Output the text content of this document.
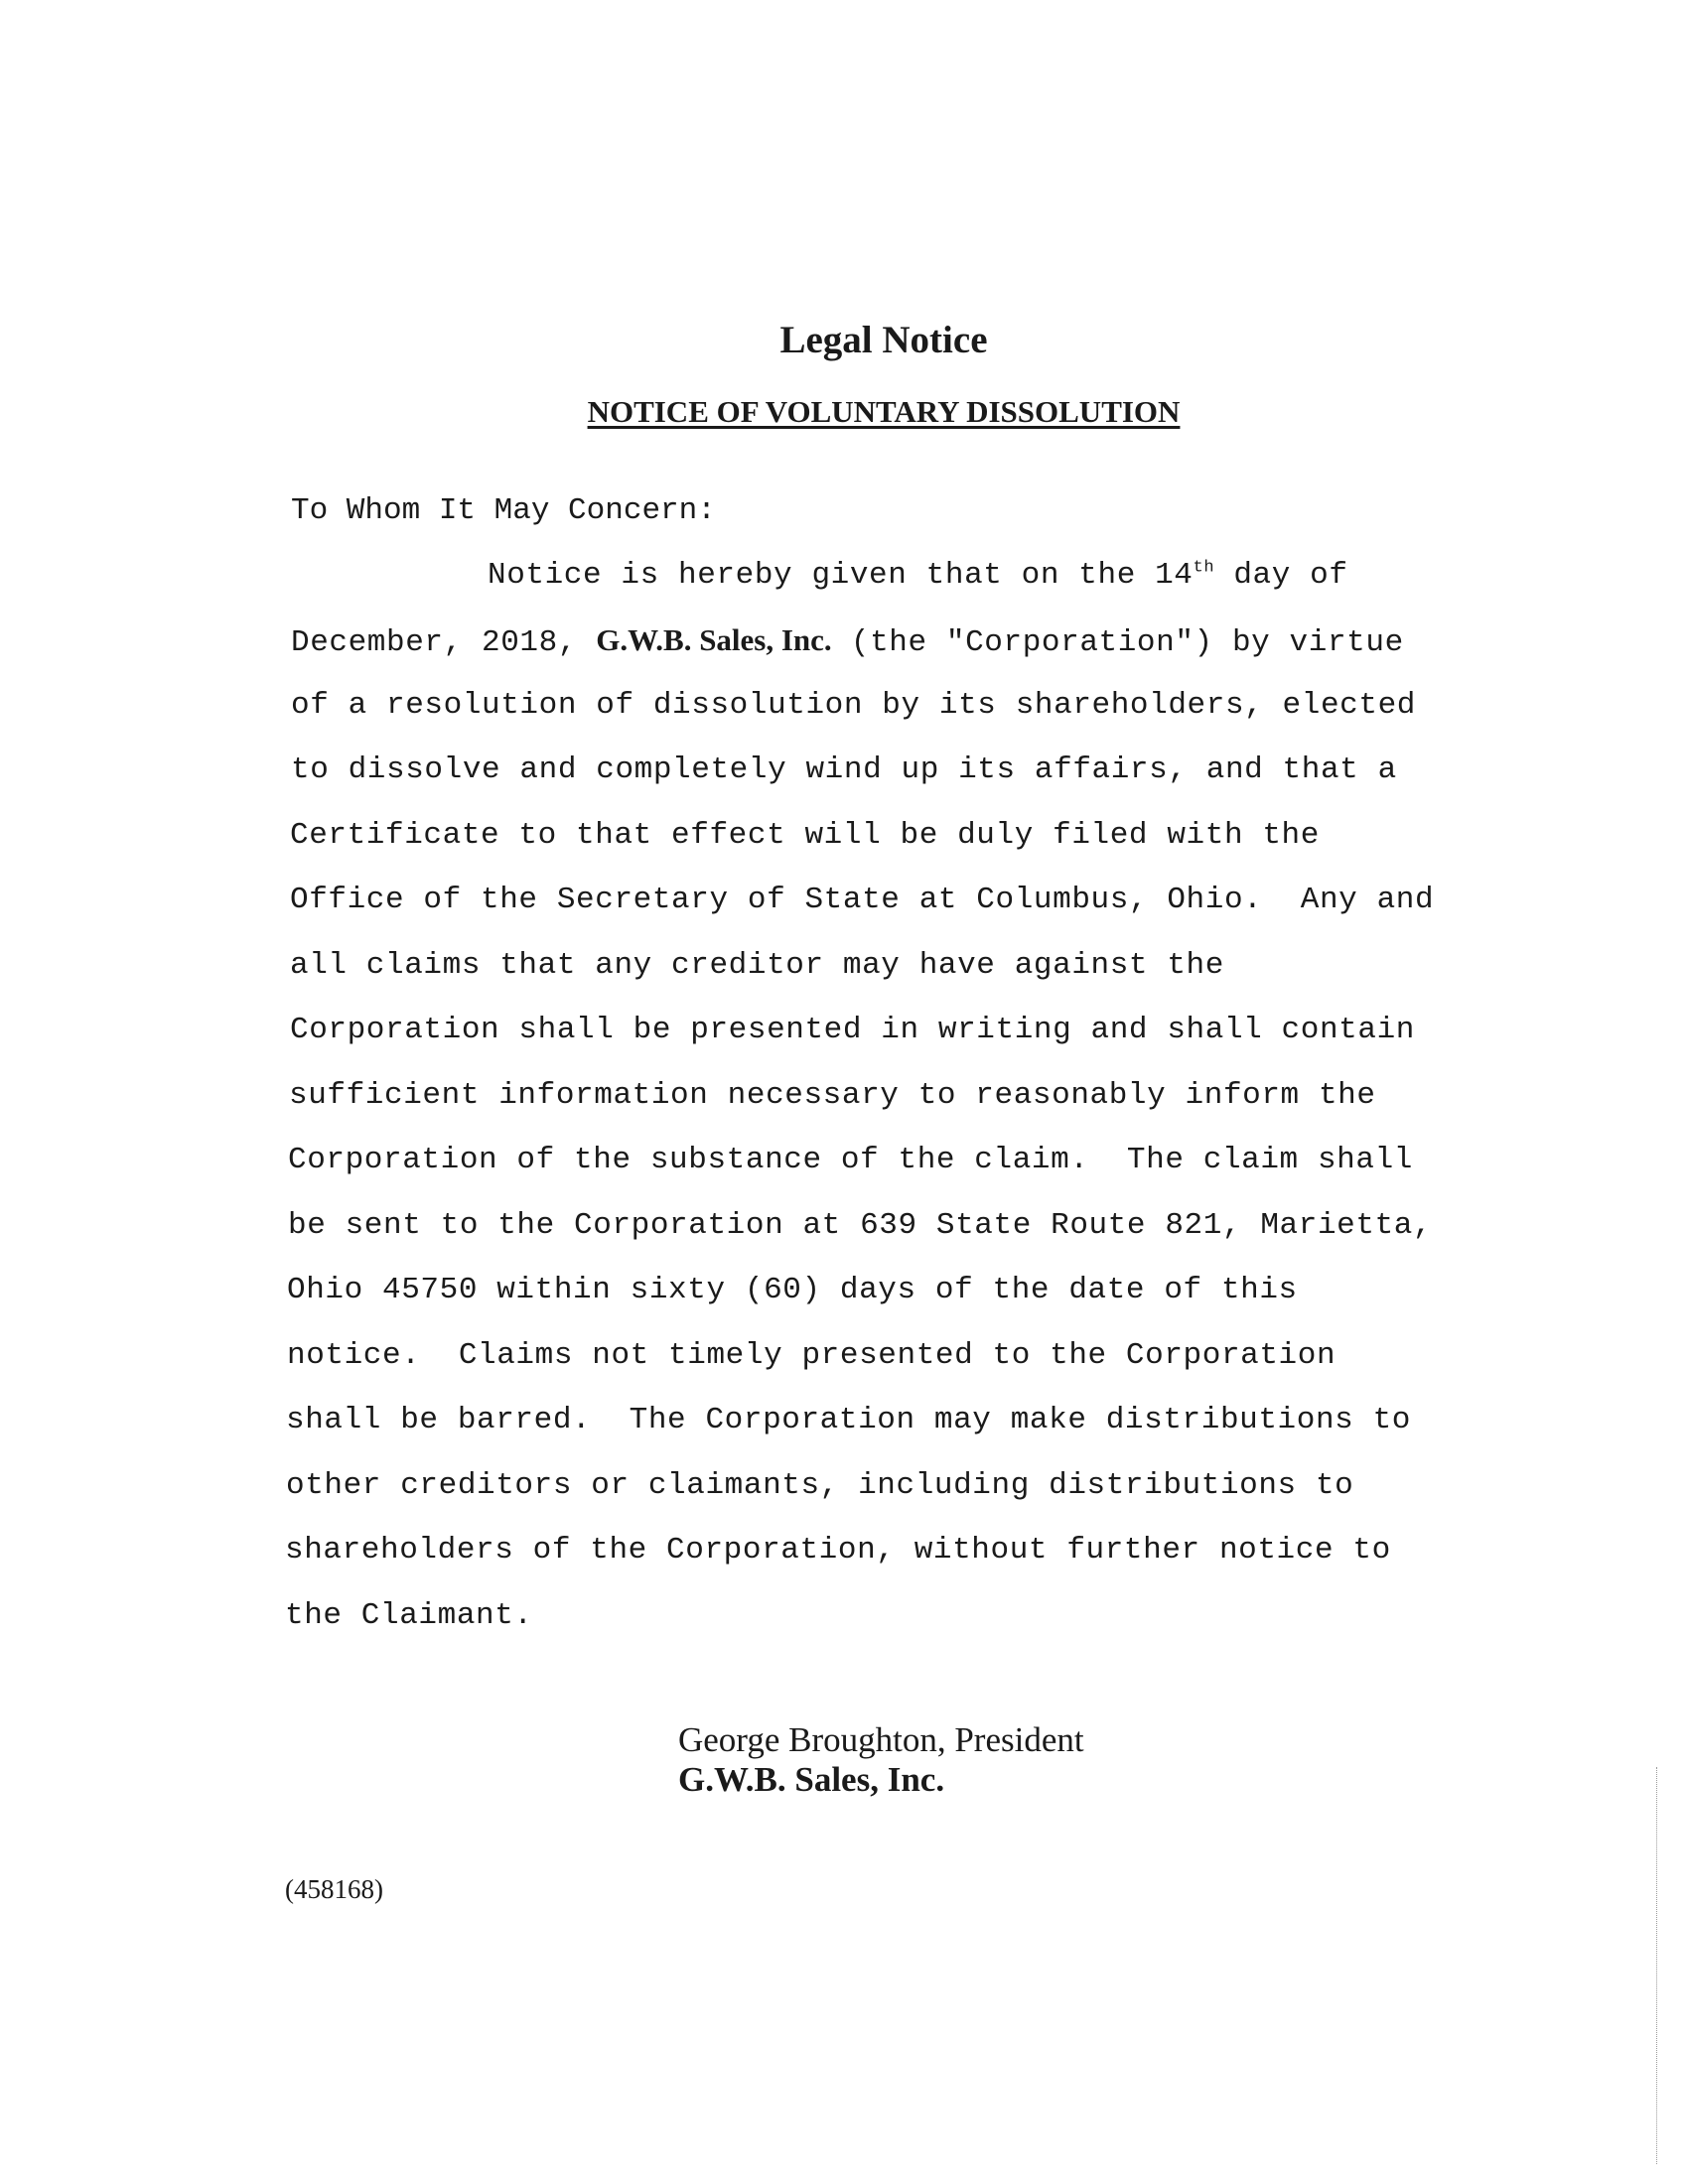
Legal Notice
NOTICE OF VOLUNTARY DISSOLUTION

To Whom It May Concern:

Notice is hereby given that on the 14th day of
December, 2018, G.W.B. Sales, Inc. (the "Corporation") by virtue
of a resolution of dissolution by its shareholders, elected
to dissolve and completely wind up its affairs, and that a
Certificate to that effect will be duly filed with the
Office of the Secretary of State at Columbus, Ohio.  Any and
all claims that any creditor may have against the
Corporation shall be presented in writing and shall contain
sufficient information necessary to reasonably inform the
Corporation of the substance of the claim.  The claim shall
be sent to the Corporation at 639 State Route 821, Marietta,
Ohio 45750 within sixty (60) days of the date of this
notice.  Claims not timely presented to the Corporation
shall be barred.  The Corporation may make distributions to
other creditors or claimants, including distributions to
shareholders of the Corporation, without further notice to
the Claimant.

George Broughton, President

G.W.B. Sales, Inc.

(458168)
